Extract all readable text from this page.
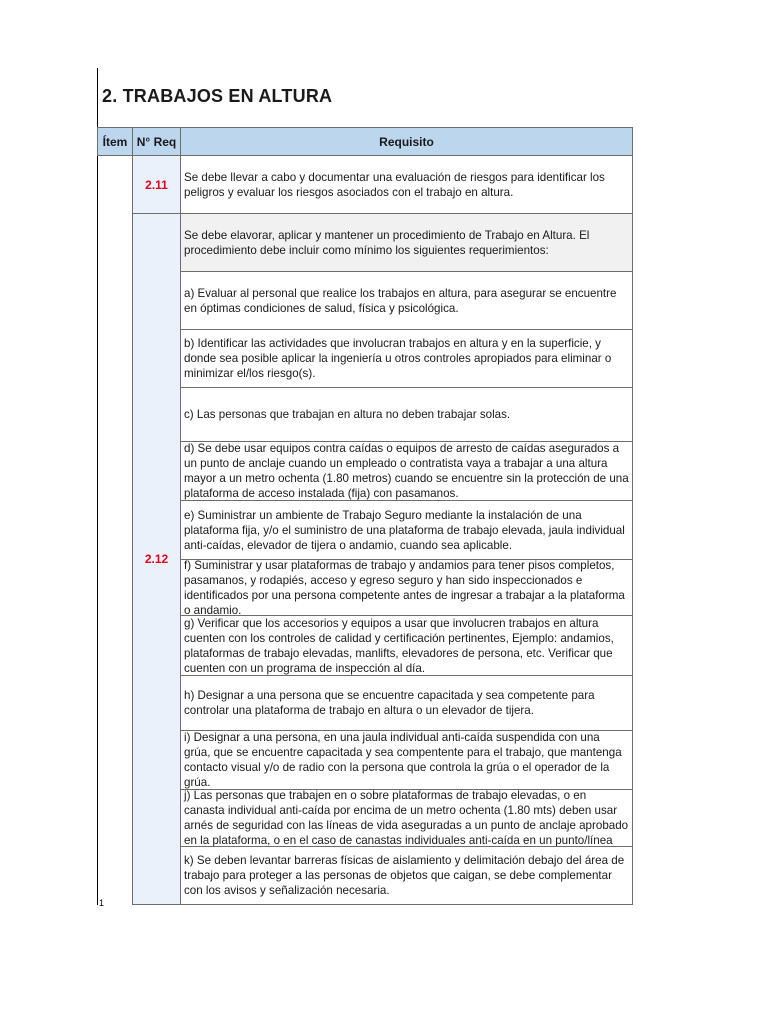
2. TRABAJOS EN ALTURA
Ítem N° Req	Requisito
2.11
2.12
Se debe llevar a cabo y documentar una evaluación de riesgos para identificar los peligros y evaluar los riesgos asociados con el trabajo en altura.
Se debe elavorar, aplicar y mantener un procedimiento de Trabajo en Altura. El procedimiento debe incluir como mínimo los siguientes requerimientos:
a) Evaluar al personal que realice los trabajos en altura, para asegurar se encuentre en óptimas condiciones de salud, física y psicológica.
b) Identificar las actividades que involucran trabajos en altura y en la superficie, y donde sea posible aplicar la ingeniería u otros controles apropiados para eliminar o minimizar el/los riesgo(s).
c) Las personas que trabajan en altura no deben trabajar solas.
d) Se debe usar equipos contra caídas o equipos de arresto de caídas asegurados a un punto de anclaje cuando un empleado o contratista vaya a trabajar a una altura mayor a un metro ochenta (1.80 metros) cuando se encuentre sin la protección de una plataforma de acceso instalada (fija) con pasamanos.
e) Suministrar un ambiente de Trabajo Seguro mediante la instalación de una plataforma fija, y/o el suministro de una plataforma de trabajo elevada, jaula individual anti-caídas, elevador de tijera o andamio, cuando sea aplicable.
f) Suministrar y usar plataformas de trabajo y andamios para tener pisos completos, pasamanos, y rodapiés, acceso y egreso seguro y han sido inspeccionados e identificados por una persona competente antes de ingresar a trabajar a la plataforma o andamio.
g) Verificar que los accesorios y equipos a usar que involucren trabajos en altura cuenten con los controles de calidad y certificación pertinentes, Ejemplo: andamios, plataformas de trabajo elevadas, manlifts, elevadores de persona, etc. Verificar que cuenten con un programa de inspección al día.
h) Designar a una persona que se encuentre capacitada y sea competente para controlar una plataforma de trabajo en altura o un elevador de tijera.
i) Designar a una persona, en una jaula individual anti-caída suspendida con una grúa, que se encuentre capacitada y sea compentente para el trabajo, que mantenga contacto visual y/o de radio con la persona que controla la grúa o el operador de la grúa.
j) Las personas que trabajen en o sobre plataformas de trabajo elevadas, o en canasta individual anti-caída por encima de un metro ochenta (1.80 mts) deben usar arnés de seguridad con las líneas de vida aseguradas a un punto de anclaje aprobado en la plataforma, o en el caso de canastas individuales anti-caída en un punto/línea
k) Se deben levantar barreras físicas de aislamiento y delimitación debajo del área de trabajo para proteger a las personas de objetos que caigan, se debe complementar con los avisos y señalización necesaria.
1
